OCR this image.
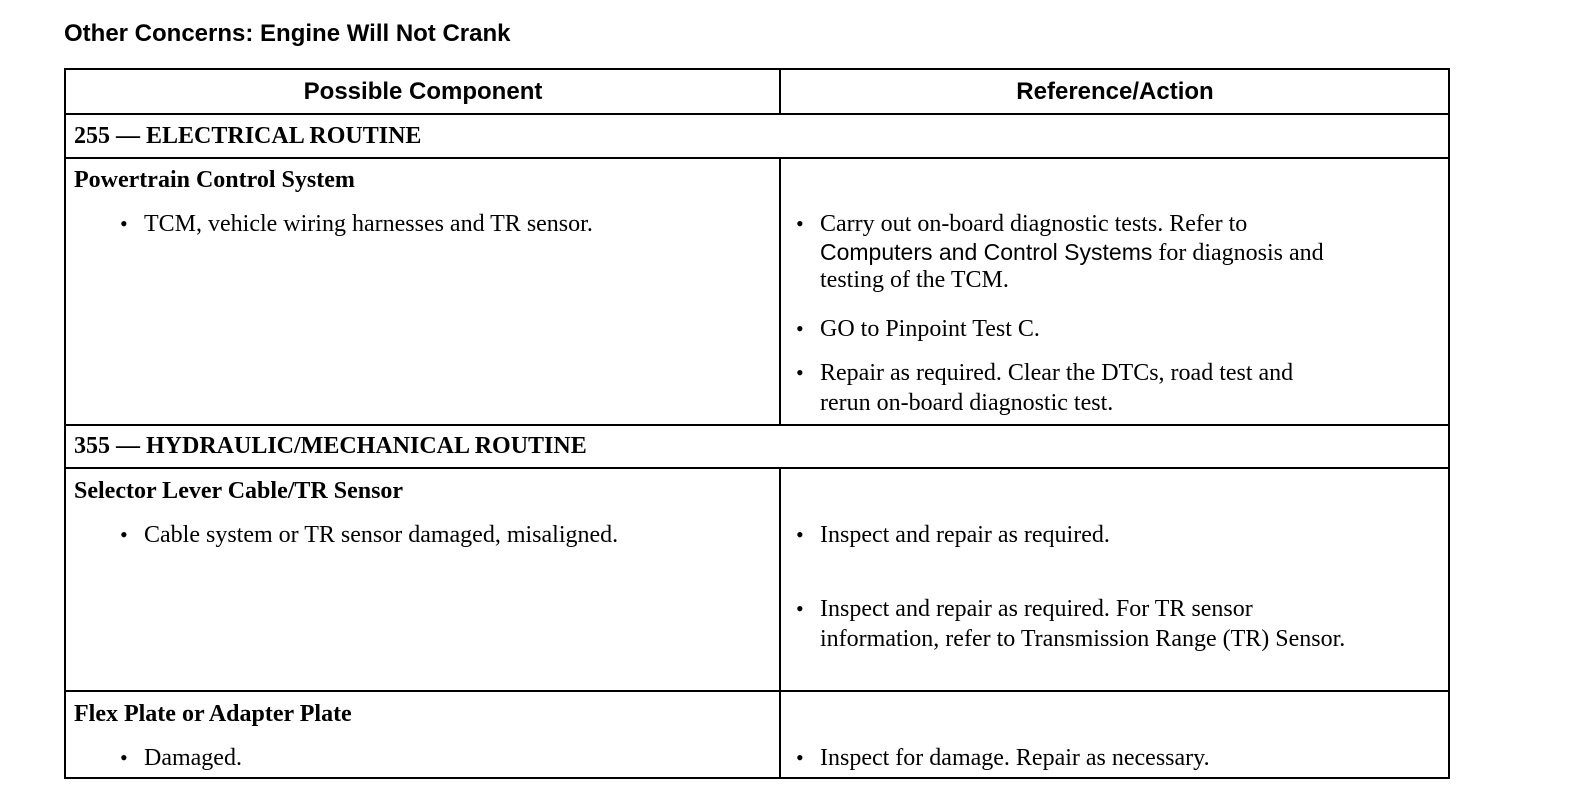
Other Concerns: Engine Will Not Crank
Possible Component	Reference/Action
255 — ELECTRICAL ROUTINE
Powertrain Control System
• TCM, vehicle wiring harnesses and TR sensor.	• Carry out on-board diagnostic tests. Refer to
Computers and Control Systems for diagnosis and
testing of the TCM.
• GO to Pinpoint Test C.
• Repair as required. Clear the DTCs, road test and
rerun on-board diagnostic test.
355 — HYDRAULIC/MECHANICAL ROUTINE
Selector Lever Cable/TR Sensor
• Cable system or TR sensor damaged, misaligned.	• Inspect and repair as required.
• Inspect and repair as required. For TR sensor
information, refer to Transmission Range (TR) Sensor.
Flex Plate or Adapter Plate
• Damaged.	• Inspect for damage. Repair as necessary.
